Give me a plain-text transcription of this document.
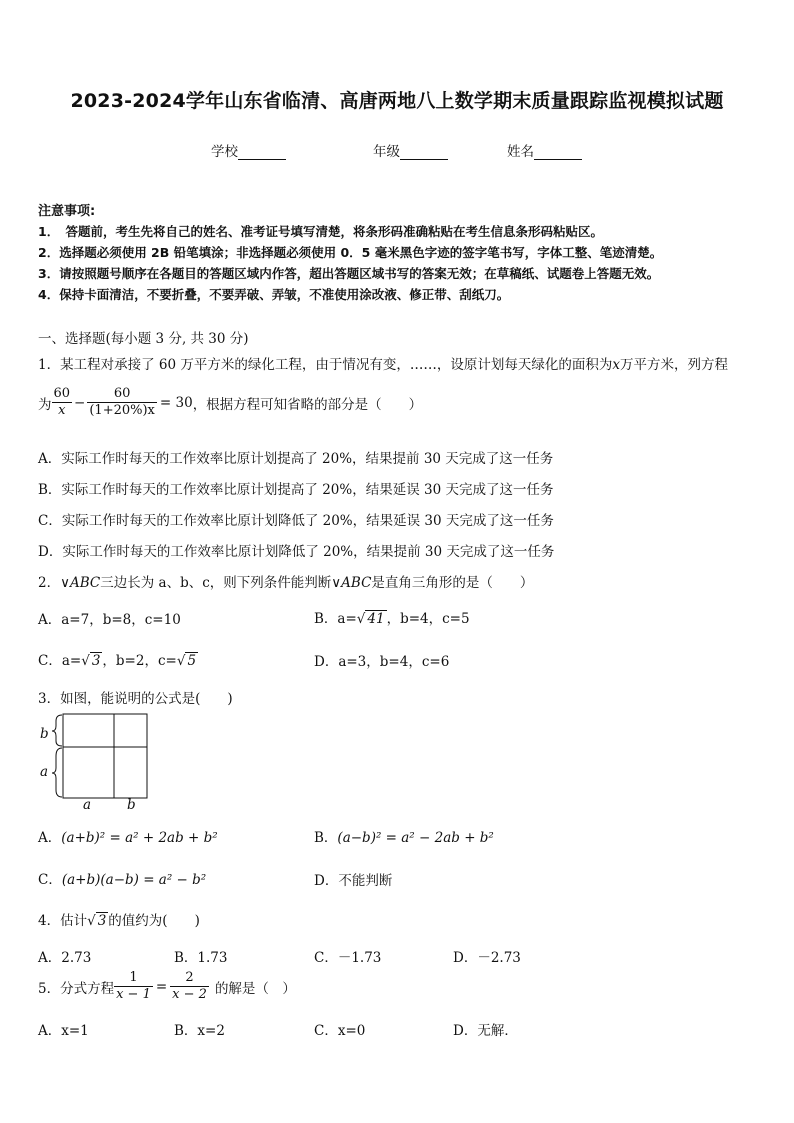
2023-2024学年山东省临清、高唐两地八上数学期末质量跟踪监视模拟试题
学校	年级	姓名
注意事项:
1．　答题前，考生先将自己的姓名、准考证号填写清楚，将条形码准确粘贴在考生信息条形码粘贴区。
2．选择题必须使用 2B 铅笔填涂；非选择题必须使用 0．5 毫米黑色字迹的签字笔书写，字体工整、笔迹清楚。
3．请按照题号顺序在各题目的答题区域内作答，超出答题区域书写的答案无效；在草稿纸、试题卷上答题无效。
4．保持卡面清洁，不要折叠，不要弄破、弄皱，不准使用涂改液、修正带、刮纸刀。
一、选择题(每小题 3 分, 共 30 分)
1．某工程对承接了 60 万平方米的绿化工程，由于情况有变，……，设原计划每天绿化的面积为x万平方米，列方程
为 $\frac{60}{x} - \frac{60}{(1+20\%)x} = 30$ ，根据方程可知省略的部分是（　　）
A．实际工作时每天的工作效率比原计划提高了 20%，结果提前 30 天完成了这一任务
B．实际工作时每天的工作效率比原计划提高了 20%，结果延误 30 天完成了这一任务
C．实际工作时每天的工作效率比原计划降低了 20%，结果延误 30 天完成了这一任务
D．实际工作时每天的工作效率比原计划降低了 20%，结果提前 30 天完成了这一任务
2．∨ABC三边长为 a、b、c，则下列条件能判断∨ABC是直角三角形的是（　　）
A．a=7，b=8，c=10	B．a=√ 41 ，b=4，c=5
C．a=√ 3 ，b=2，c=√ 5	D．a=3，b=4，c=6
3．如图，能说明的公式是(　　)
b
a
a	b
A．(a+b)² = a² + 2ab + b²	B．(a−b)² = a² − 2ab + b²
C．(a+b)(a−b) = a² − b²	D．不能判断
4．估计√ 3 的值约为(　　)
A．2.73	B．1.73	C．－1.73	D．－2.73
5．分式方程 $\frac{1}{x - 1} = \frac{2}{x - 2}$ 的解是（　）
A．x=1	B．x=2	C．x=0	D．无解．
